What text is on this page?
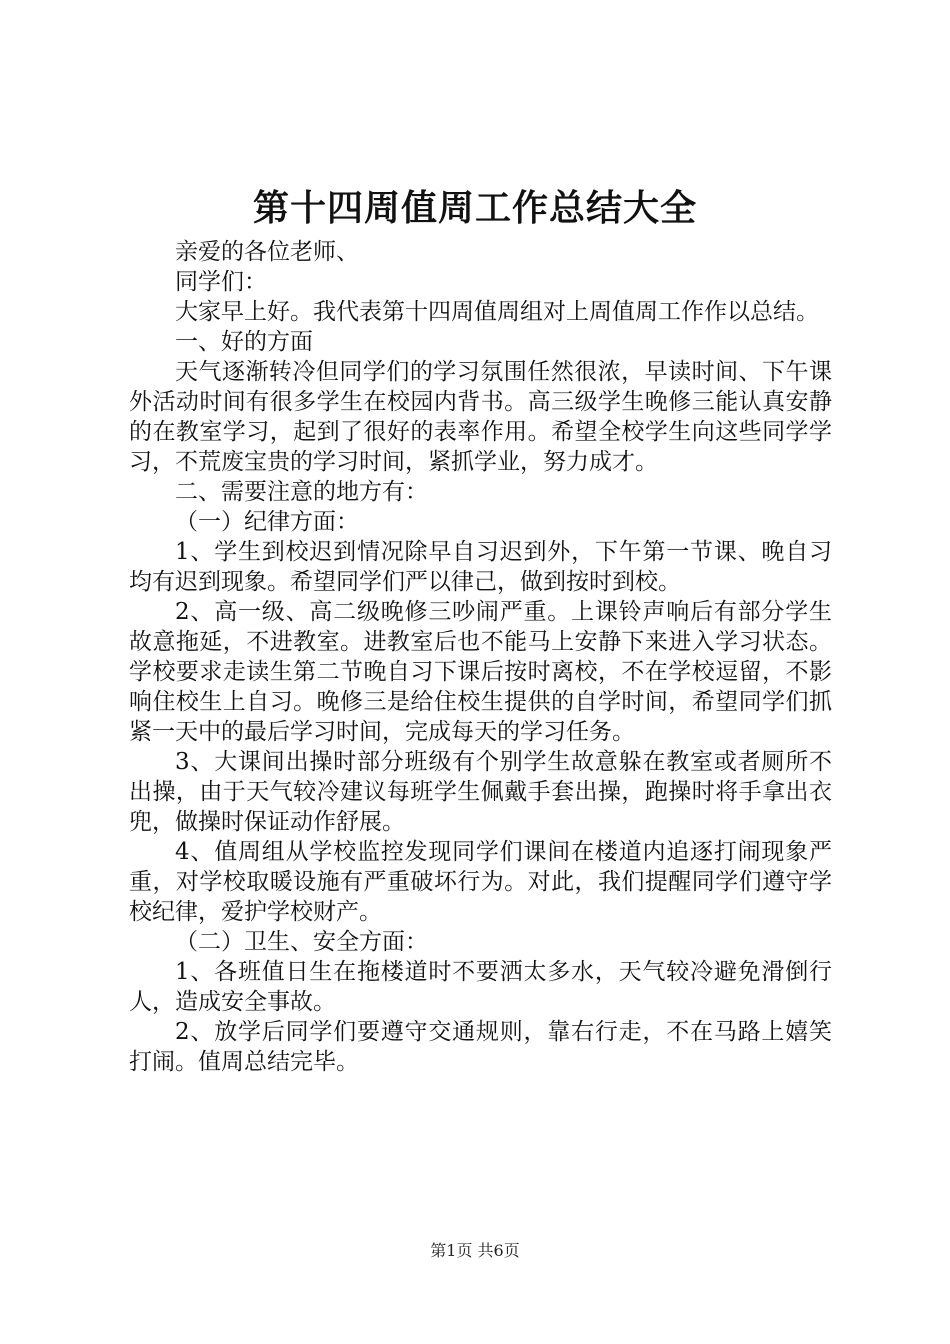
第十四周值周工作总结大全

亲爱的各位老师、

同学们：

大家早上好。我代表第十四周值周组对上周值周工作作以总结。

一、好的方面

天气逐渐转冷但同学们的学习氛围任然很浓，早读时间、下午课外活动时间有很多学生在校园内背书。高三级学生晚修三能认真安静的在教室学习，起到了很好的表率作用。希望全校学生向这些同学学习，不荒废宝贵的学习时间，紧抓学业，努力成才。

二、需要注意的地方有：

（一）纪律方面：

1、学生到校迟到情况除早自习迟到外，下午第一节课、晚自习均有迟到现象。希望同学们严以律己，做到按时到校。

2、高一级、高二级晚修三吵闹严重。上课铃声响后有部分学生故意拖延，不进教室。进教室后也不能马上安静下来进入学习状态。学校要求走读生第二节晚自习下课后按时离校，不在学校逗留，不影响住校生上自习。晚修三是给住校生提供的自学时间，希望同学们抓紧一天中的最后学习时间，完成每天的学习任务。

3、大课间出操时部分班级有个别学生故意躲在教室或者厕所不出操，由于天气较冷建议每班学生佩戴手套出操，跑操时将手拿出衣兜，做操时保证动作舒展。

4、值周组从学校监控发现同学们课间在楼道内追逐打闹现象严重，对学校取暖设施有严重破坏行为。对此，我们提醒同学们遵守学校纪律，爱护学校财产。

（二）卫生、安全方面：

1、各班值日生在拖楼道时不要洒太多水，天气较冷避免滑倒行人，造成安全事故。

2、放学后同学们要遵守交通规则，靠右行走，不在马路上嬉笑打闹。值周总结完毕。

第1页 共6页
